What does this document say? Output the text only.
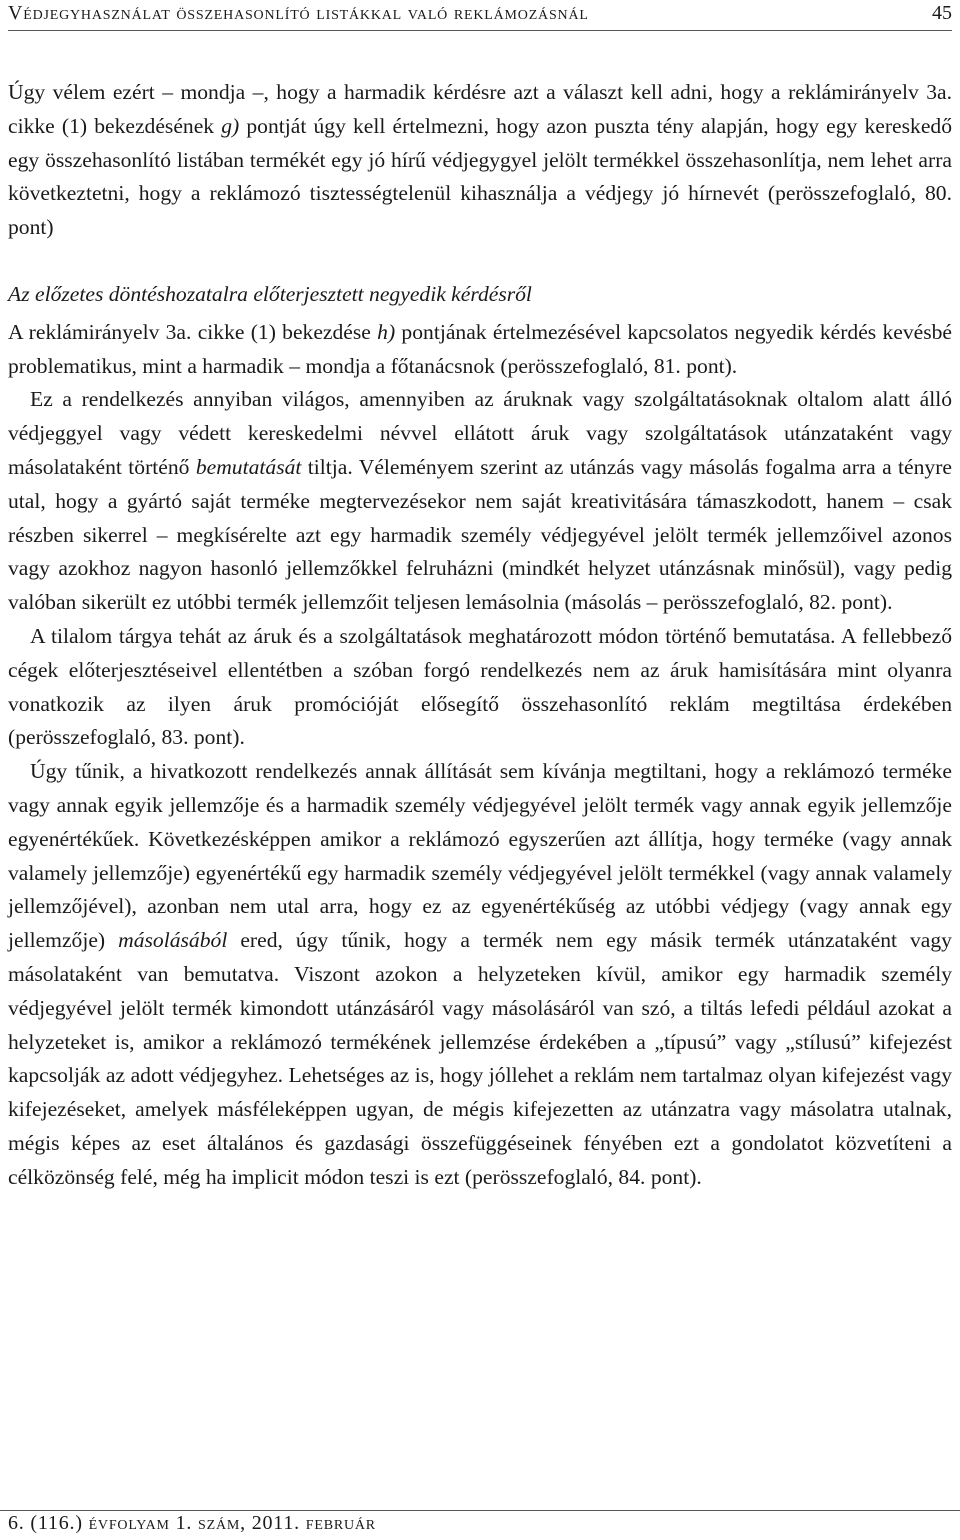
Védjegyhasználat összehasonlító listákkal való reklámozásnál	45

Úgy vélem ezért – mondja –, hogy a harmadik kérdésre azt a választ kell adni, hogy a reklámirányelv 3a. cikke (1) bekezdésének g) pontját úgy kell értelmezni, hogy azon puszta tény alapján, hogy egy kereskedő egy összehasonlító listában termékét egy jó hírű védjegygyel jelölt termékkel összehasonlítja, nem lehet arra következtetni, hogy a reklámozó tisztességtelenül kihasználja a védjegy jó hírnevét (perösszefoglaló, 80. pont)

Az előzetes döntéshozatalra előterjesztett negyedik kérdésről

A reklámirányelv 3a. cikke (1) bekezdése h) pontjának értelmezésével kapcsolatos negyedik kérdés kevésbé problematikus, mint a harmadik – mondja a főtanácsnok (perösszefoglaló, 81. pont).

Ez a rendelkezés annyiban világos, amennyiben az áruknak vagy szolgáltatásoknak oltalom alatt álló védjeggyel vagy védett kereskedelmi névvel ellátott áruk vagy szolgáltatások utánzataként vagy másolataként történő bemutatását tiltja. Véleményem szerint az utánzás vagy másolás fogalma arra a tényre utal, hogy a gyártó saját terméke megtervezésekor nem saját kreativitására támaszkodott, hanem – csak részben sikerrel – megkísérelte azt egy harmadik személy védjegyével jelölt termék jellemzőivel azonos vagy azokhoz nagyon hasonló jellemzőkkel felruházni (mindkét helyzet utánzásnak minősül), vagy pedig valóban sikerült ez utóbbi termék jellemzőit teljesen lemásolnia (másolás – perösszefoglaló, 82. pont).

A tilalom tárgya tehát az áruk és a szolgáltatások meghatározott módon történő bemutatása. A fellebbező cégek előterjesztéseivel ellentétben a szóban forgó rendelkezés nem az áruk hamisítására mint olyanra vonatkozik az ilyen áruk promócióját elősegítő összehasonlító reklám megtiltása érdekében (perösszefoglaló, 83. pont).

Úgy tűnik, a hivatkozott rendelkezés annak állítását sem kívánja megtiltani, hogy a reklámozó terméke vagy annak egyik jellemzője és a harmadik személy védjegyével jelölt termék vagy annak egyik jellemzője egyenértékűek. Következésképpen amikor a reklámozó egyszerűen azt állítja, hogy terméke (vagy annak valamely jellemzője) egyenértékű egy harmadik személy védjegyével jelölt termékkel (vagy annak valamely jellemzőjével), azonban nem utal arra, hogy ez az egyenértékűség az utóbbi védjegy (vagy annak egy jellemzője) másolásából ered, úgy tűnik, hogy a termék nem egy másik termék utánzataként vagy másolataként van bemutatva. Viszont azokon a helyzeteken kívül, amikor egy harmadik személy védjegyével jelölt termék kimondott utánzásáról vagy másolásáról van szó, a tiltás lefedi például azokat a helyzeteket is, amikor a reklámozó termékének jellemzése érdekében a „típusú” vagy „stílusú” kifejezést kapcsolják az adott védjegyhez. Lehetséges az is, hogy jóllehet a reklám nem tartalmaz olyan kifejezést vagy kifejezéseket, amelyek másféleképpen ugyan, de mégis kifejezetten az utánzatra vagy másolatra utalnak, mégis képes az eset általános és gazdasági összefüggéseinek fényében ezt a gondolatot közvetíteni a célközönség felé, még ha implicit módon teszi is ezt (perösszefoglaló, 84. pont).

6. (116.) évfolyam 1. szám, 2011. február
